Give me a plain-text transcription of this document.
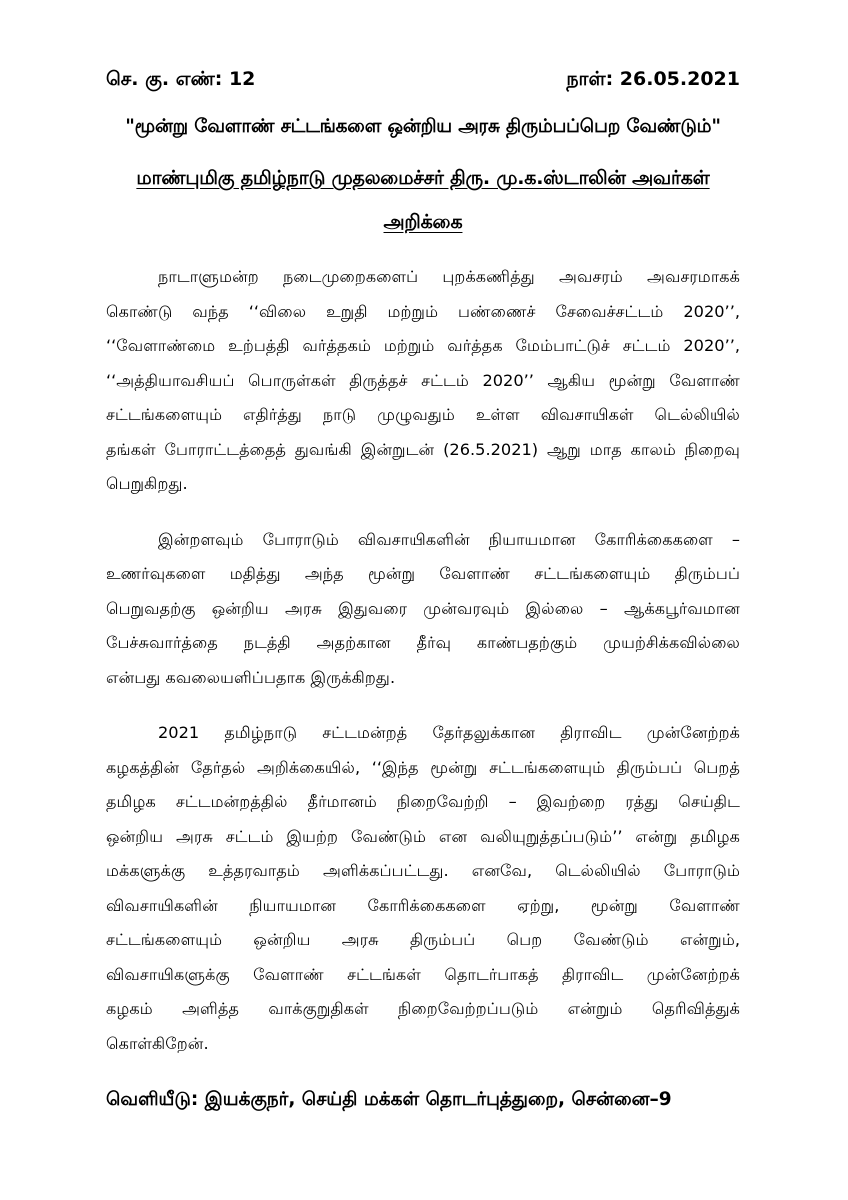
செ. கு. எண்: 12	நாள்: 26.05.2021
"மூன்று வேளாண் சட்டங்களை ஒன்றிய அரசு திரும்பப்பெற வேண்டும்"
மாண்புமிகு தமிழ்நாடு முதலமைச்சர் திரு. மு.க.ஸ்டாலின் அவர்கள்
அறிக்கை
நாடாளுமன்ற நடைமுறைகளைப் புறக்கணித்து அவசரம் அவசரமாகக்
கொண்டு வந்த ‘‘விலை உறுதி மற்றும் பண்ணைச் சேவைச்சட்டம் 2020’’,
‘‘வேளாண்மை உற்பத்தி வர்த்தகம் மற்றும் வர்த்தக மேம்பாட்டுச் சட்டம் 2020’’,
‘‘அத்தியாவசியப் பொருள்கள் திருத்தச் சட்டம் 2020’’ ஆகிய மூன்று வேளாண்
சட்டங்களையும் எதிர்த்து நாடு முழுவதும் உள்ள விவசாயிகள் டெல்லியில்
தங்கள் போராட்டத்தைத் துவங்கி இன்றுடன் (26.5.2021) ஆறு மாத காலம் நிறைவு
பெறுகிறது.
இன்றளவும் போராடும் விவசாயிகளின் நியாயமான கோரிக்கைகளை –
உணர்வுகளை மதித்து அந்த மூன்று வேளாண் சட்டங்களையும் திரும்பப்
பெறுவதற்கு ஒன்றிய அரசு இதுவரை முன்வரவும் இல்லை – ஆக்கபூர்வமான
பேச்சுவார்த்தை நடத்தி அதற்கான தீர்வு காண்பதற்கும் முயற்சிக்கவில்லை
என்பது கவலையளிப்பதாக இருக்கிறது.
2021 தமிழ்நாடு சட்டமன்றத் தேர்தலுக்கான திராவிட முன்னேற்றக்
கழகத்தின் தேர்தல் அறிக்கையில், ‘‘இந்த மூன்று சட்டங்களையும் திரும்பப் பெறத்
தமிழக சட்டமன்றத்தில் தீர்மானம் நிறைவேற்றி – இவற்றை ரத்து செய்திட
ஒன்றிய அரசு சட்டம் இயற்ற வேண்டும் என வலியுறுத்தப்படும்’’ என்று தமிழக
மக்களுக்கு உத்தரவாதம் அளிக்கப்பட்டது. எனவே, டெல்லியில் போராடும்
விவசாயிகளின் நியாயமான கோரிக்கைகளை ஏற்று, மூன்று வேளாண்
சட்டங்களையும் ஒன்றிய அரசு திரும்பப் பெற வேண்டும் என்றும்,
விவசாயிகளுக்கு வேளாண் சட்டங்கள் தொடர்பாகத் திராவிட முன்னேற்றக்
கழகம் அளித்த வாக்குறுதிகள் நிறைவேற்றப்படும் என்றும் தெரிவித்துக்
கொள்கிறேன்.
வெளியீடு: இயக்குநர், செய்தி மக்கள் தொடர்புத்துறை, சென்னை–9
